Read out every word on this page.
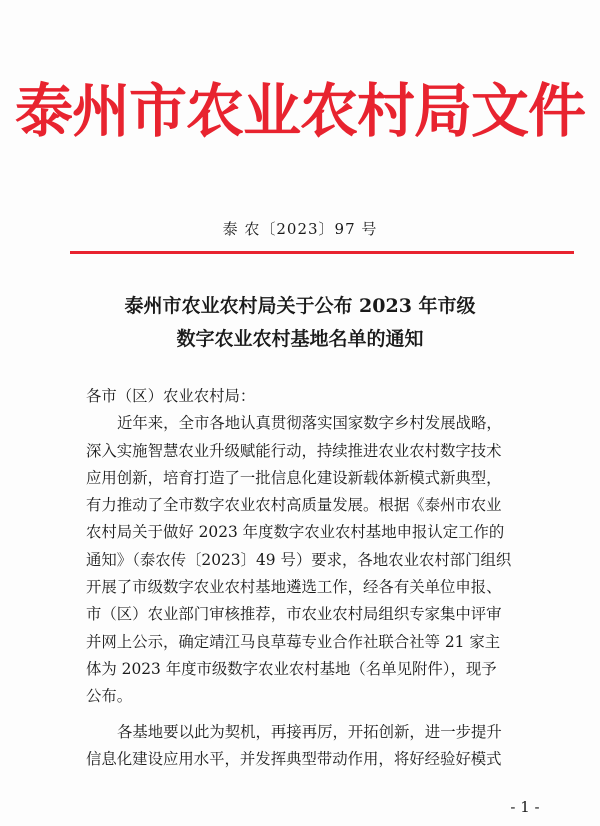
泰州市农业农村局文件
泰 农〔2023〕97 号
泰州市农业农村局关于公布 2023 年市级
数字农业农村基地名单的通知
各市（区）农业农村局：
近年来，全市各地认真贯彻落实国家数字乡村发展战略，
深入实施智慧农业升级赋能行动，持续推进农业农村数字技术
应用创新，培育打造了一批信息化建设新载体新模式新典型，
有力推动了全市数字农业农村高质量发展。根据《泰州市农业
农村局关于做好 2023 年度数字农业农村基地申报认定工作的
通知》（泰农传〔2023〕49 号）要求，各地农业农村部门组织
开展了市级数字农业农村基地遴选工作，经各有关单位申报、
市（区）农业部门审核推荐，市农业农村局组织专家集中评审
并网上公示，确定靖江马良草莓专业合作社联合社等 21 家主
体为 2023 年度市级数字农业农村基地（名单见附件），现予
公布。
各基地要以此为契机，再接再厉，开拓创新，进一步提升
信息化建设应用水平，并发挥典型带动作用，将好经验好模式
- 1 -
